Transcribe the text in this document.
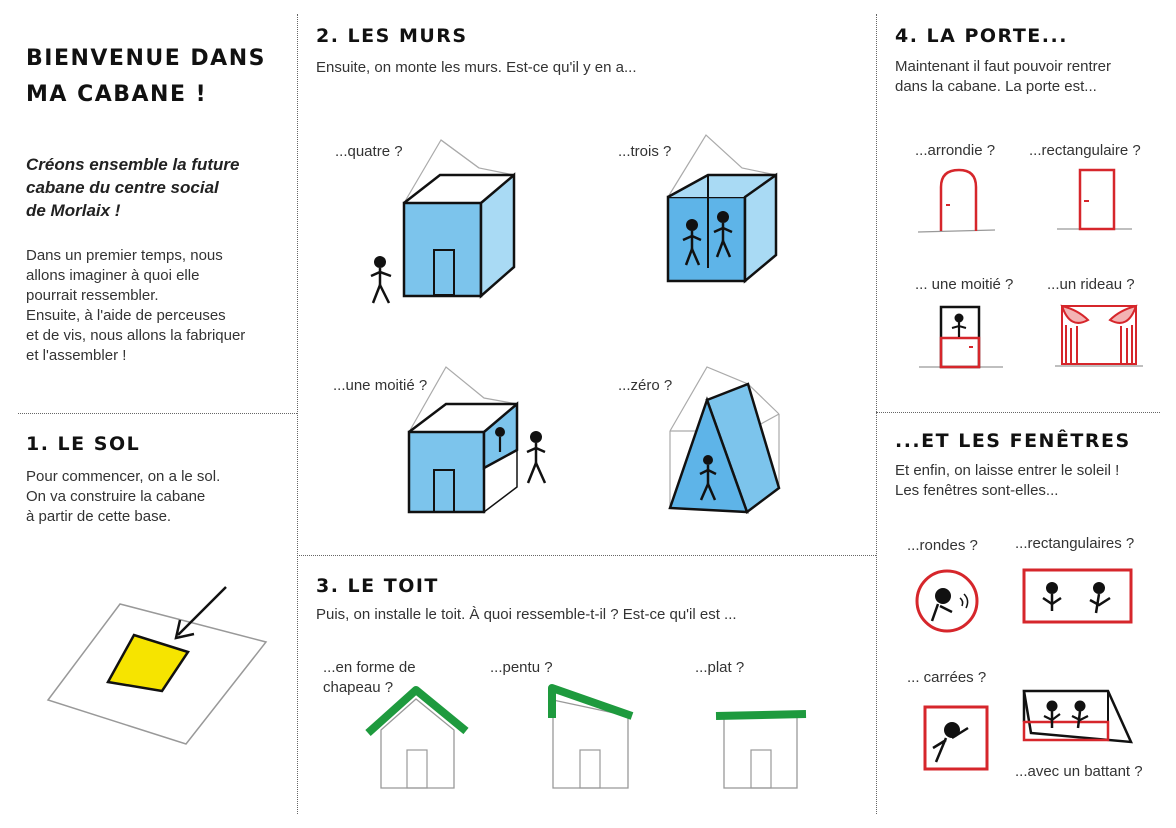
BIENVENUE DANS
MA CABANE !
Créons ensemble la future
cabane du centre social
de Morlaix !
Dans un premier temps, nous
allons imaginer à quoi elle
pourrait ressembler.
Ensuite, à l'aide de perceuses
et de vis, nous allons la fabriquer
et l'assembler !
1. LE SOL
Pour commencer, on a le sol.
On va construire la cabane
à partir de cette base.
2. LES MURS
Ensuite, on monte les murs. Est-ce qu'il y en a...
...quatre ?	...trois ?
...une moitié ?	...zéro ?
3. LE TOIT
Puis, on installe le toit. À quoi ressemble-t-il ? Est-ce qu'il est ...
...en forme de
chapeau ?
...pentu ?	...plat ?
4. LA PORTE...
Maintenant il faut pouvoir rentrer
dans la cabane. La porte est...
...arrondie ? ...rectangulaire ?
... une moitié ? ...un rideau ?
...ET LES FENÊTRES
Et enfin, on laisse entrer le soleil !
Les fenêtres sont-elles...
...rondes ? ...rectangulaires ?
... carrées ?
...avec un battant ?
